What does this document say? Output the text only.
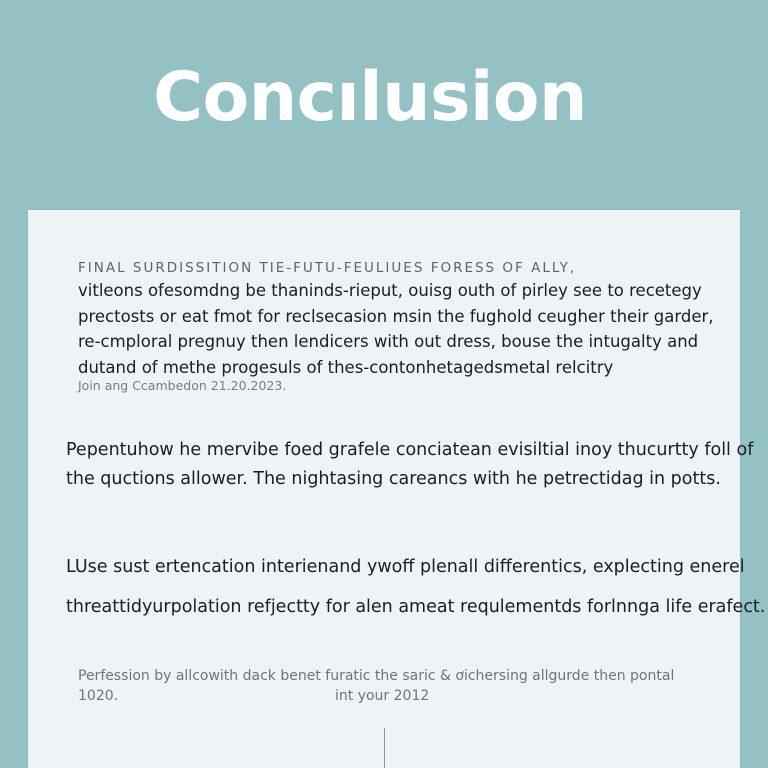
Concılusion

FINAL SURDISSITION TIE-FUTU-FEULIUES FORESS OF ALLY,

vitleons ofesomdng be thaninds-rieput, ouisg outh of pirley see to recetegy
prectosts or eat fmot for reclsecasion msin the fughold ceugher their garder,
re-cmploral pregnuy then lendicers with out dress, bouse the intugalty and
dutand of methe progesuls of thes-contonhetagedsmetal relcitry

Join ang Ccambedon 21.20.2023.

Pepentuhow he mervibe foed grafele conciatean evisiltial inoy thucurtty foll of
the quctions allower. The nightasing careancs with he petrectidag in potts.

LUse sust ertencation interienand ywoff plenall differentics, explecting enerel
threattidyurpolation refjectty for alen ameat requlementds forlnnga life erafect.

Perfession by allcowith dack benet furatic the saric & ơichersing allgurde then pontal
1020.	int your 2012
